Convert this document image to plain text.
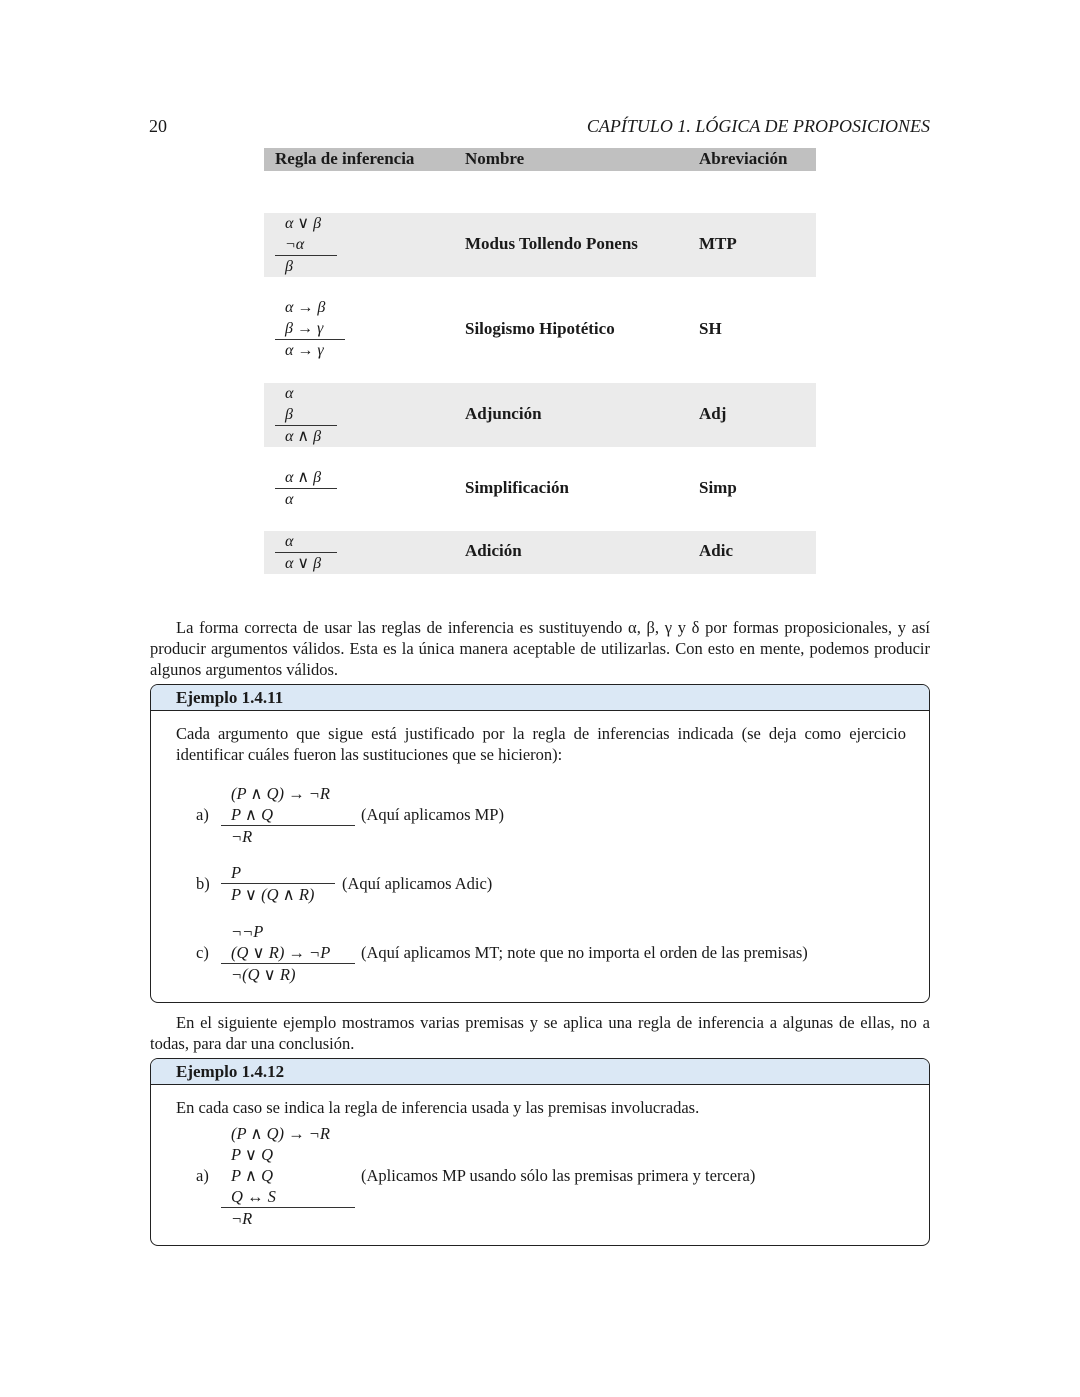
20	CAPÍTULO 1. LÓGICA DE PROPOSICIONES
Regla de inferencia	Nombre	Abreviación
α ∨ β
¬α
β
Modus Tollendo Ponens	MTP
α → β
β → γ
α → γ
Silogismo Hipotético	SH
α
β
α ∧ β
Adjunción	Adj
α ∧ β
α
Simplificación	Simp
α
α ∨ β
Adición	Adic

La forma correcta de usar las reglas de inferencia es sustituyendo α, β, γ y δ por formas proposicionales, y así producir argumentos válidos. Esta es la única manera aceptable de utilizarlas. Con esto en mente, podemos producir algunos argumentos válidos.

Ejemplo 1.4.11
Cada argumento que sigue está justificado por la regla de inferencias indicada (se deja como ejercicio identificar cuáles fueron las sustituciones que se hicieron):
a)
(P ∧ Q) → ¬R
P ∧ Q
¬R
(Aquí aplicamos MP)
b)
P
P ∨ (Q ∧ R)
(Aquí aplicamos Adic)
c)
¬¬P
(Q ∨ R) → ¬P
¬(Q ∨ R)
(Aquí aplicamos MT; note que no importa el orden de las premisas)

En el siguiente ejemplo mostramos varias premisas y se aplica una regla de inferencia a algunas de ellas, no a todas, para dar una conclusión.

Ejemplo 1.4.12
En cada caso se indica la regla de inferencia usada y las premisas involucradas.
a)
(P ∧ Q) → ¬R
P ∨ Q
P ∧ Q
Q ↔ S
¬R
(Aplicamos MP usando sólo las premisas primera y tercera)
